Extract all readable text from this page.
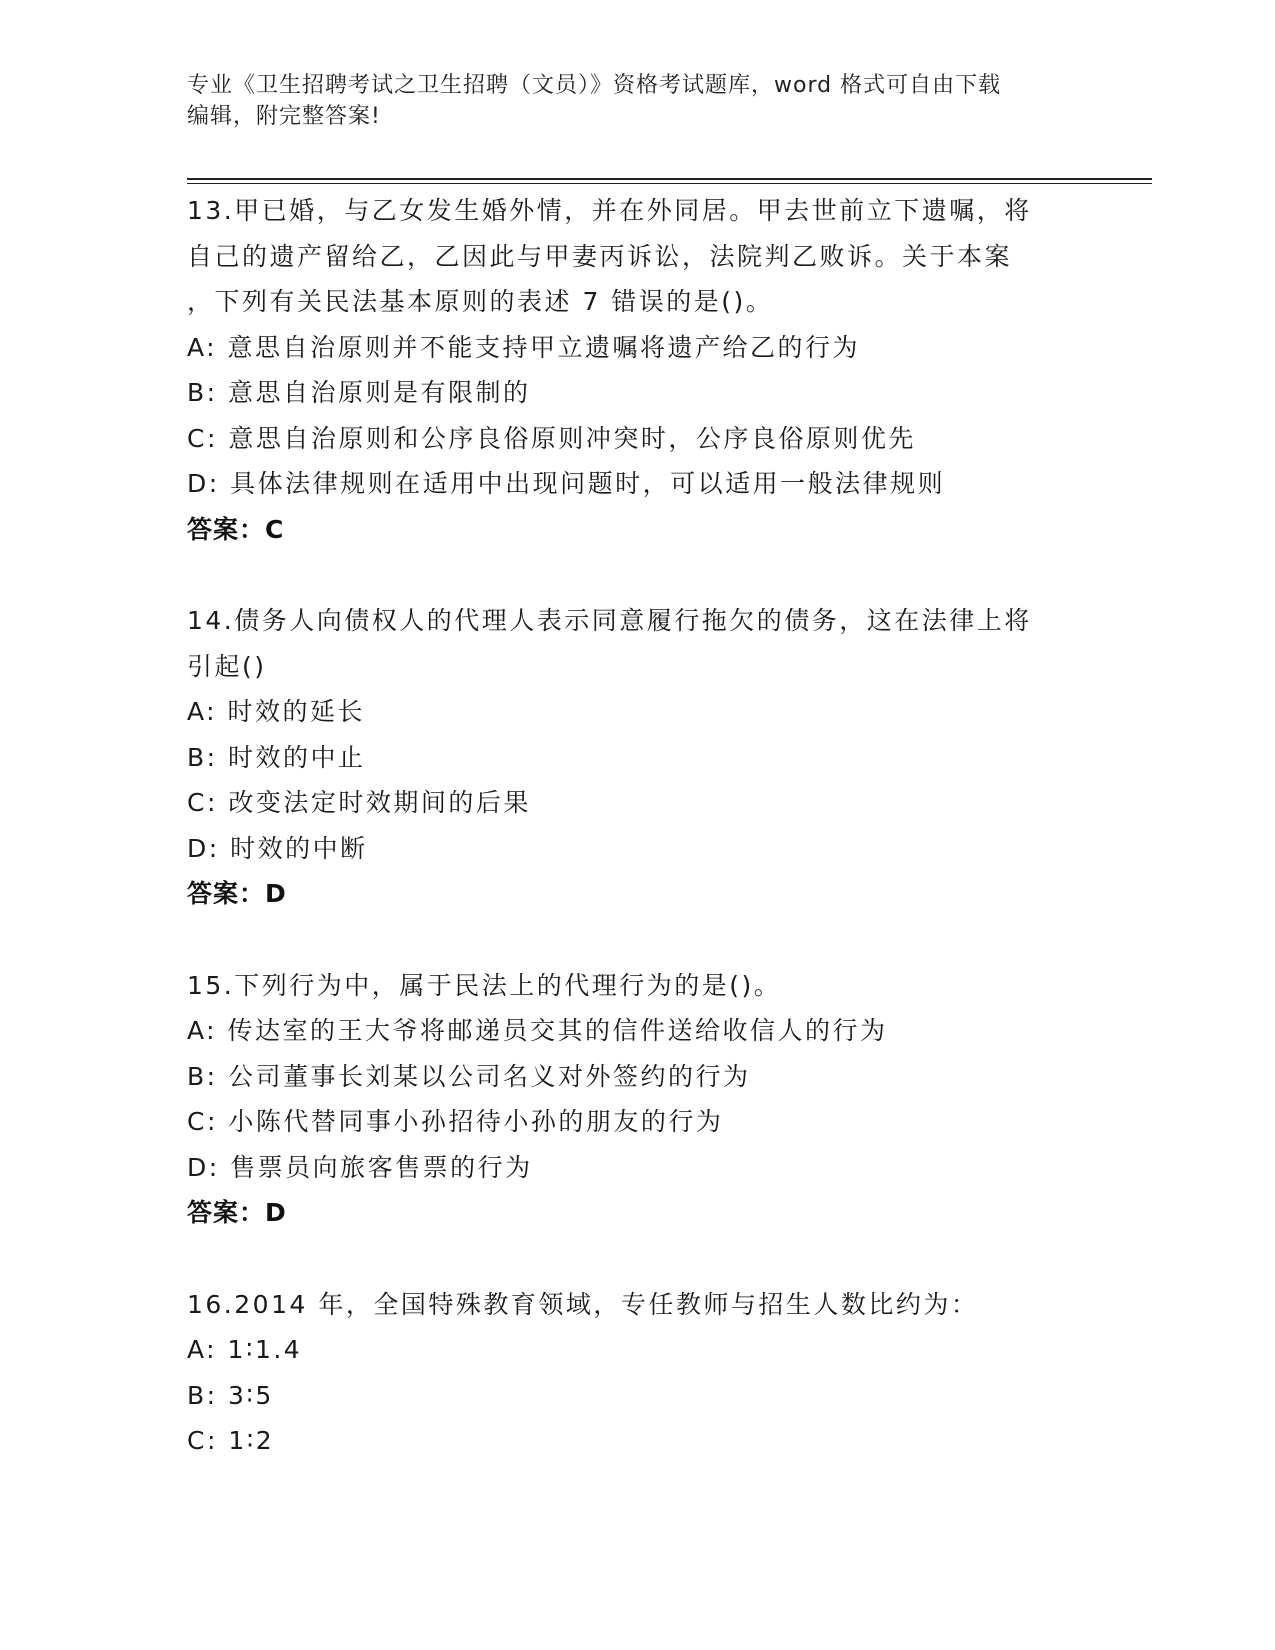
专业《卫生招聘考试之卫生招聘（文员）》资格考试题库，word 格式可自由下载
编辑，附完整答案!
13.甲已婚，与乙女发生婚外情，并在外同居。甲去世前立下遗嘱，将
自己的遗产留给乙，乙因此与甲妻丙诉讼，法院判乙败诉。关于本案
，下列有关民法基本原则的表述 7 错误的是()。
A: 意思自治原则并不能支持甲立遗嘱将遗产给乙的行为
B: 意思自治原则是有限制的
C: 意思自治原则和公序良俗原则冲突时，公序良俗原则优先
D: 具体法律规则在适用中出现问题时，可以适用一般法律规则
答案：C
14.债务人向债权人的代理人表示同意履行拖欠的债务，这在法律上将
引起()
A: 时效的延长
B: 时效的中止
C: 改变法定时效期间的后果
D: 时效的中断
答案：D
15.下列行为中，属于民法上的代理行为的是()。
A: 传达室的王大爷将邮递员交其的信件送给收信人的行为
B: 公司董事长刘某以公司名义对外签约的行为
C: 小陈代替同事小孙招待小孙的朋友的行为
D: 售票员向旅客售票的行为
答案：D
16.2014 年，全国特殊教育领域，专任教师与招生人数比约为：
A: 1∶1.4
B: 3∶5
C: 1∶2
